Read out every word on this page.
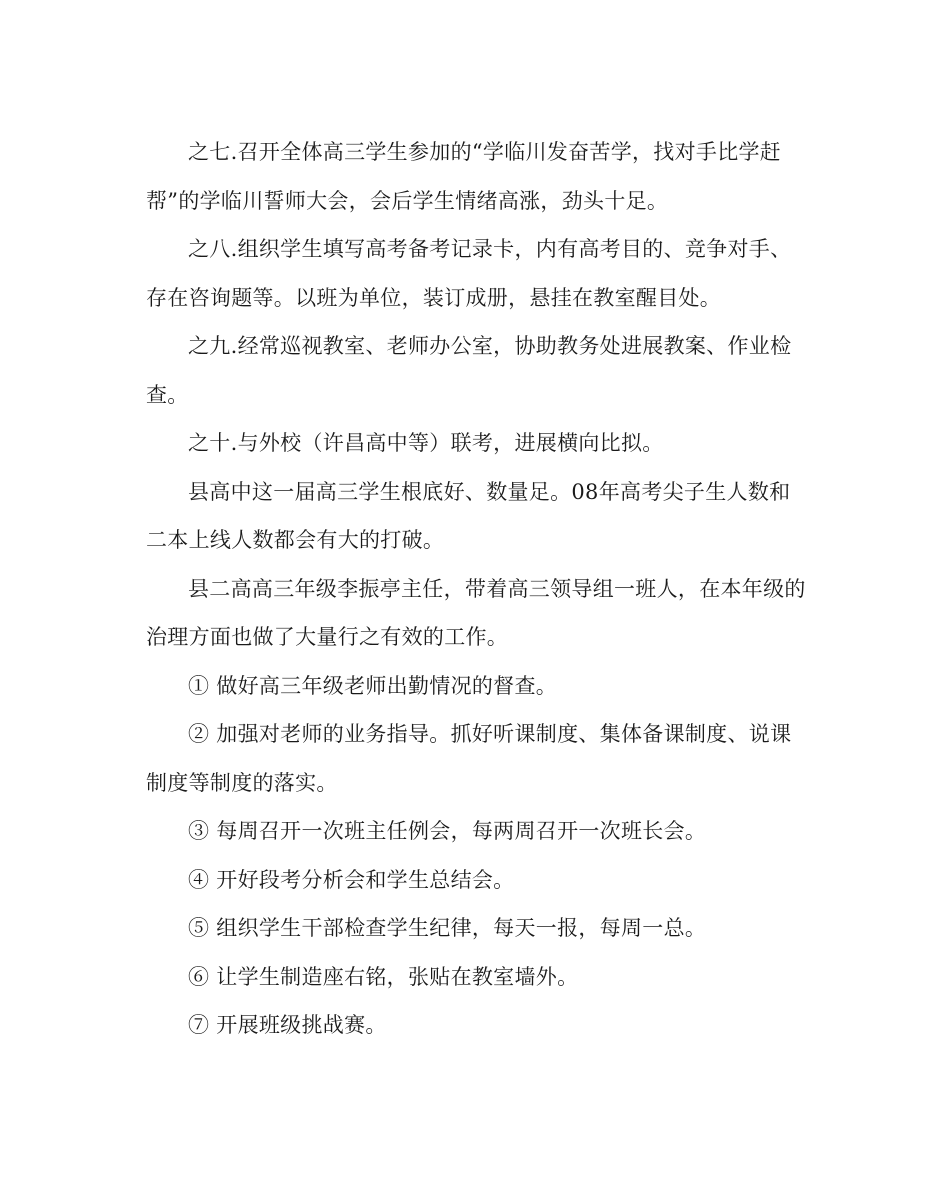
之七.召开全体高三学生参加的“学临川发奋苦学，找对手比学赶帮”的学临川誓师大会，会后学生情绪高涨，劲头十足。

之八.组织学生填写高考备考记录卡，内有高考目的、竞争对手、存在咨询题等。以班为单位，装订成册，悬挂在教室醒目处。

之九.经常巡视教室、老师办公室，协助教务处进展教案、作业检查。

之十.与外校（许昌高中等）联考，进展横向比拟。

县高中这一届高三学生根底好、数量足。08年高考尖子生人数和二本上线人数都会有大的打破。

县二高高三年级李振亭主任，带着高三领导组一班人，在本年级的治理方面也做了大量行之有效的工作。

① 做好高三年级老师出勤情况的督查。

② 加强对老师的业务指导。抓好听课制度、集体备课制度、说课制度等制度的落实。

③ 每周召开一次班主任例会，每两周召开一次班长会。

④ 开好段考分析会和学生总结会。

⑤ 组织学生干部检查学生纪律，每天一报，每周一总。

⑥ 让学生制造座右铭，张贴在教室墙外。

⑦ 开展班级挑战赛。
